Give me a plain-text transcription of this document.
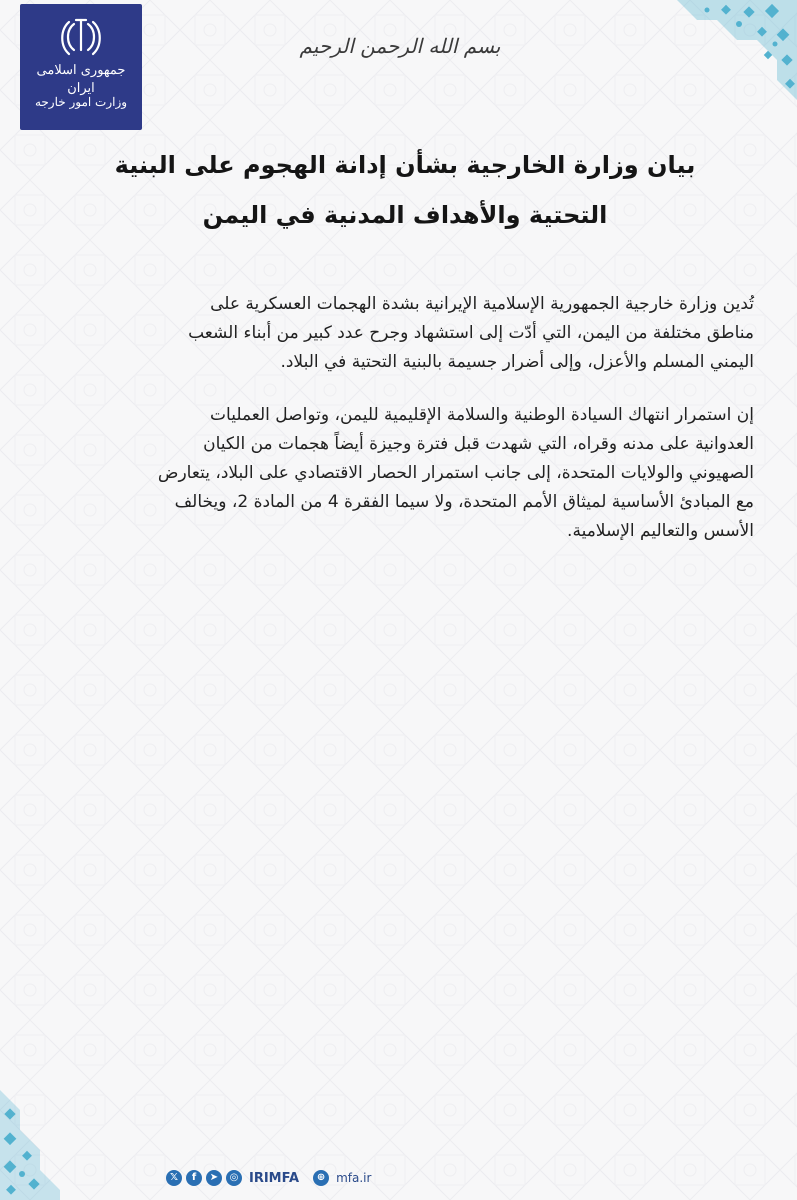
جمهوری اسلامی ایران
وزارت امور خارجه
بسم الله الرحمن الرحیم
بيان وزارة الخارجية بشأن إدانة الهجوم على البنية
التحتية والأهداف المدنية في اليمن
تُدين وزارة خارجية الجمهورية الإسلامية الإيرانية بشدة الهجمات العسكرية على
مناطق مختلفة من اليمن، التي أدّت إلى استشهاد وجرح عدد كبير من أبناء الشعب
اليمني المسلم والأعزل، وإلى أضرار جسيمة بالبنية التحتية في البلاد.
إن استمرار انتهاك السيادة الوطنية والسلامة الإقليمية لليمن، وتواصل العمليات
العدوانية على مدنه وقراه، التي شهدت قبل فترة وجيزة أيضاً هجمات من الكيان
الصهيوني والولايات المتحدة، إلى جانب استمرار الحصار الاقتصادي على البلاد، يتعارض
مع المبادئ الأساسية لميثاق الأمم المتحدة، ولا سيما الفقرة 4 من المادة 2، ويخالف
الأسس والتعاليم الإسلامية.
𝕏	f	➤	◎ IRIMFA	⊕ mfa.ir
